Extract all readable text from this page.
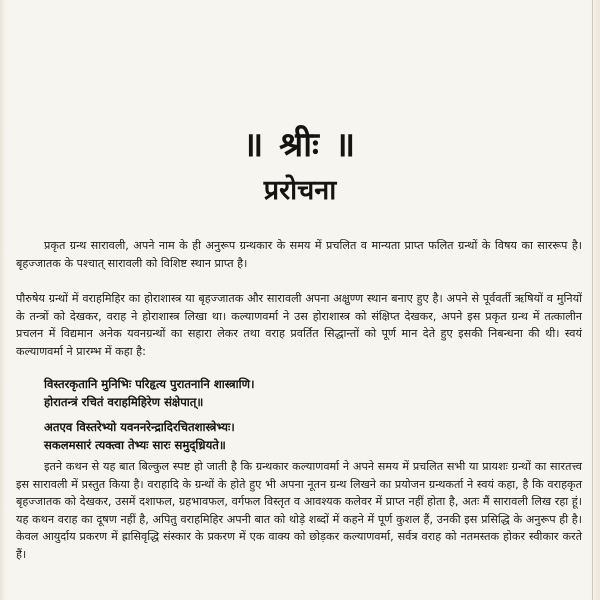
॥ श्रीः ॥
प्ररोचना
प्रकृत ग्रन्थ सारावली, अपने नाम के ही अनुरूप ग्रन्थकार के समय में प्रचलित व मान्यता प्राप्त फलित ग्रन्थों के विषय का साररूप है। बृहज्जातक के पश्चात् सारावली को विशिष्ट स्थान प्राप्त है।
पौरुषेय ग्रन्थों में वराहमिहिर का होराशास्त्र या बृहज्जातक और सारावली अपना अक्षुण्ण स्थान बनाए हुए है। अपने से पूर्ववर्ती ऋषियों व मुनियों के तन्त्रों को देखकर, वराह ने होराशास्त्र लिखा था। कल्याणवर्मा ने उस होराशास्त्र को संक्षिप्त देखकर, अपने इस प्रकृत ग्रन्थ में तत्कालीन प्रचलन में विद्यमान अनेक यवनग्रन्थों का सहारा लेकर तथा वराह प्रवर्तित सिद्धान्तों को पूर्ण मान देते हुए इसकी निबन्धना की थी। स्वयं कल्याणवर्मा ने प्रारम्भ में कहा है:
विस्तरकृतानि मुनिभिः परिहृत्य पुरातनानि शास्त्राणि।
होरातन्त्रं रचितं वराहमिहिरेण संक्षेपात्॥
अतएव विस्तरेभ्यो यवननरेन्द्रादिरचितशास्त्रेभ्यः।
सकलमसारं त्यक्त्वा तेभ्यः सारः समुद्ध्रियते॥
इतने कथन से यह बात बिल्कुल स्पष्ट हो जाती है कि ग्रन्थकार कल्याणवर्मा ने अपने समय में प्रचलित सभी या प्रायशः ग्रन्थों का सारतत्त्व इस सारावली में प्रस्तुत किया है। वराहादि के ग्रन्थों के होते हुए भी अपना नूतन ग्रन्थ लिखने का प्रयोजन ग्रन्थकर्ता ने स्वयं कहा, है कि वराहकृत बृहज्जातक को देखकर, उसमें दशाफल, ग्रहभावफल, वर्गफल विस्तृत व आवश्यक कलेवर में प्राप्त नहीं होता है, अतः मैं सारावली लिख रहा हूं। यह कथन वराह का दूषण नहीं है, अपितु वराहमिहिर अपनी बात को थोड़े शब्दों में कहने में पूर्ण कुशल हैं, उनकी इस प्रसिद्धि के अनुरूप ही है। केवल आयुर्दाय प्रकरण में ह्रासिवृद्धि संस्कार के प्रकरण में एक वाक्य को छोड़कर कल्याणवर्मा, सर्वत्र वराह को नतमस्तक होकर स्वीकार करते हैं।
